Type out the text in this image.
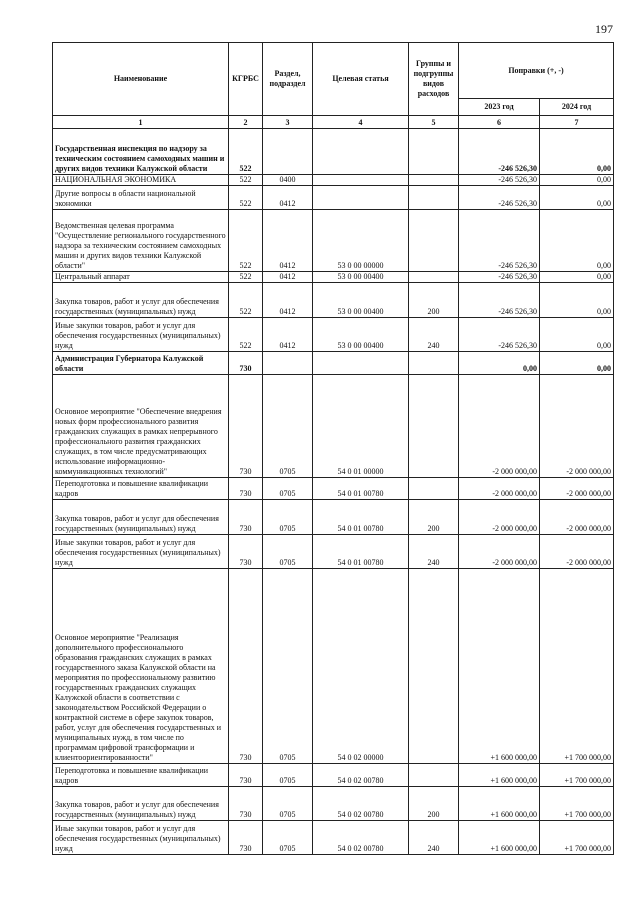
197
Наименование	КГРБС	Раздел, подраздел	Целевая статья	Группы и подгруппы видов расходов	Поправки (+, -)	
					2023 год	2024 год
1	2	3	4	5	6	7
Государственная инспекция по надзору за техническим состоянием самоходных машин и других видов техники Калужской области	522				-246 526,30	0,00
НАЦИОНАЛЬНАЯ ЭКОНОМИКА	522	0400			-246 526,30	0,00
Другие вопросы в области национальной экономики	522	0412			-246 526,30	0,00
Ведомственная целевая программа "Осуществление регионального государственного надзора за техническим состоянием самоходных машин и других видов техники Калужской области"	522	0412	53 0 00 00000		-246 526,30	0,00
Центральный аппарат	522	0412	53 0 00 00400		-246 526,30	0,00
Закупка товаров, работ и услуг для обеспечения государственных (муниципальных) нужд	522	0412	53 0 00 00400	200	-246 526,30	0,00
Иные закупки товаров, работ и услуг для обеспечения государственных (муниципальных) нужд	522	0412	53 0 00 00400	240	-246 526,30	0,00
Администрация Губернатора Калужской области	730				0,00	0,00
Основное мероприятие "Обеспечение внедрения новых форм профессионального развития гражданских служащих в рамках непрерывного профессионального развития гражданских служащих, в том числе предусматривающих использование информационно-коммуникационных технологий"	730	0705	54 0 01 00000		-2 000 000,00	-2 000 000,00
Переподготовка и повышение квалификации кадров	730	0705	54 0 01 00780		-2 000 000,00	-2 000 000,00
Закупка товаров, работ и услуг для обеспечения государственных (муниципальных) нужд	730	0705	54 0 01 00780	200	-2 000 000,00	-2 000 000,00
Иные закупки товаров, работ и услуг для обеспечения государственных (муниципальных) нужд	730	0705	54 0 01 00780	240	-2 000 000,00	-2 000 000,00
Основное мероприятие "Реализация дополнительного профессионального образования гражданских служащих в рамках государственного заказа Калужской области на мероприятия по профессиональному развитию государственных гражданских служащих Калужской области в соответствии с законодательством Российской Федерации о контрактной системе в сфере закупок товаров, работ, услуг для обеспечения государственных и муниципальных нужд, в том числе по программам цифровой трансформации и клиентоориентированности"	730	0705	54 0 02 00000		+1 600 000,00	+1 700 000,00
Переподготовка и повышение квалификации кадров	730	0705	54 0 02 00780		+1 600 000,00	+1 700 000,00
Закупка товаров, работ и услуг для обеспечения государственных (муниципальных) нужд	730	0705	54 0 02 00780	200	+1 600 000,00	+1 700 000,00
Иные закупки товаров, работ и услуг для обеспечения государственных (муниципальных) нужд	730	0705	54 0 02 00780	240	+1 600 000,00	+1 700 000,00
